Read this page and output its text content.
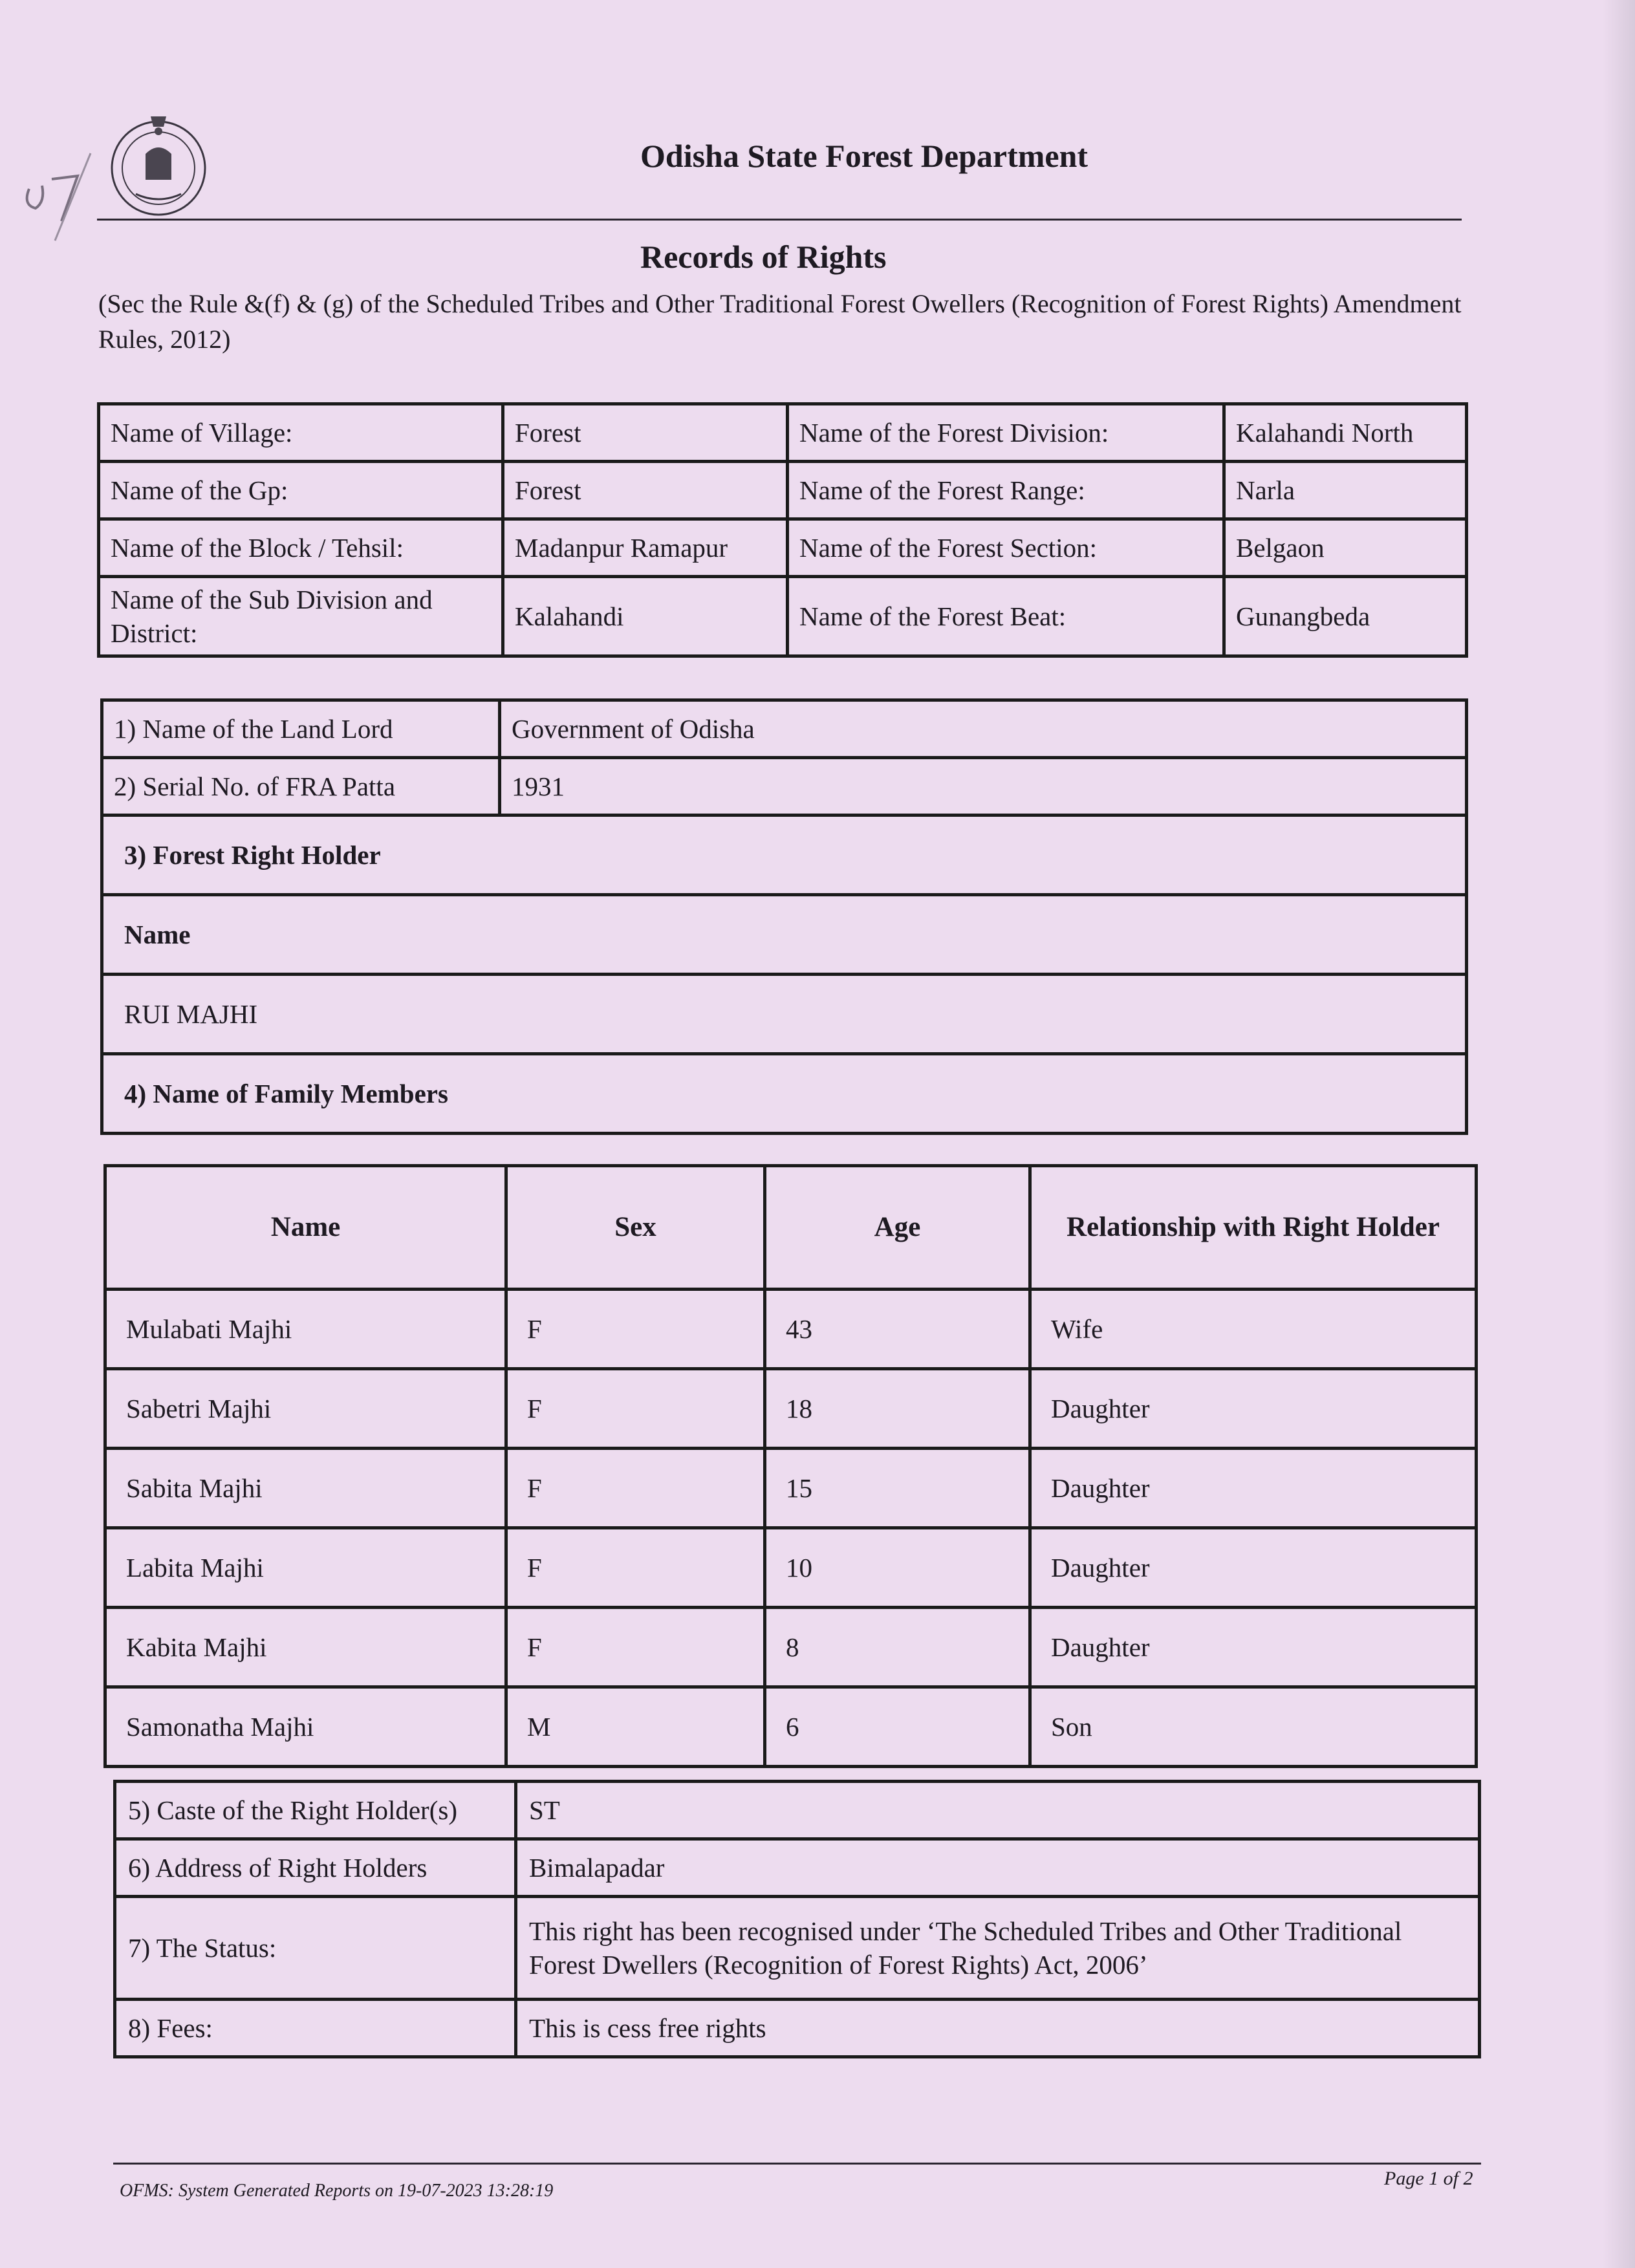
Odisha State Forest Department
Records of Rights
(Sec the Rule &(f) & (g) of the Scheduled Tribes and Other Traditional Forest Owellers (Recognition of Forest Rights) Amendment Rules, 2012)
Name of Village:	Forest	Name of the Forest Division:	Kalahandi North
Name of the Gp:	Forest	Name of the Forest Range:	Narla
Name of the Block / Tehsil:	Madanpur Ramapur	Name of the Forest Section:	Belgaon
Name of the Sub Division and District:	Kalahandi	Name of the Forest Beat:	Gunangbeda
1) Name of the Land Lord	Government of Odisha
2) Serial No. of FRA Patta	1931
3) Forest Right Holder	
Name	
RUI MAJHI	
4) Name of Family Members	
Name	Sex	Age	Relationship with Right Holder
Mulabati Majhi	F	43	Wife
Sabetri Majhi	F	18	Daughter
Sabita Majhi	F	15	Daughter
Labita Majhi	F	10	Daughter
Kabita Majhi	F	8	Daughter
Samonatha Majhi	M	6	Son
5) Caste of the Right Holder(s)	ST
6) Address of Right Holders	Bimalapadar
7) The Status:	This right has been recognised under ‘The Scheduled Tribes and Other Traditional
Forest Dwellers (Recognition of Forest Rights) Act, 2006’

8) Fees:	This is cess free rights
OFMS: System Generated Reports on 19-07-2023 13:28:19
Page 1 of 2
